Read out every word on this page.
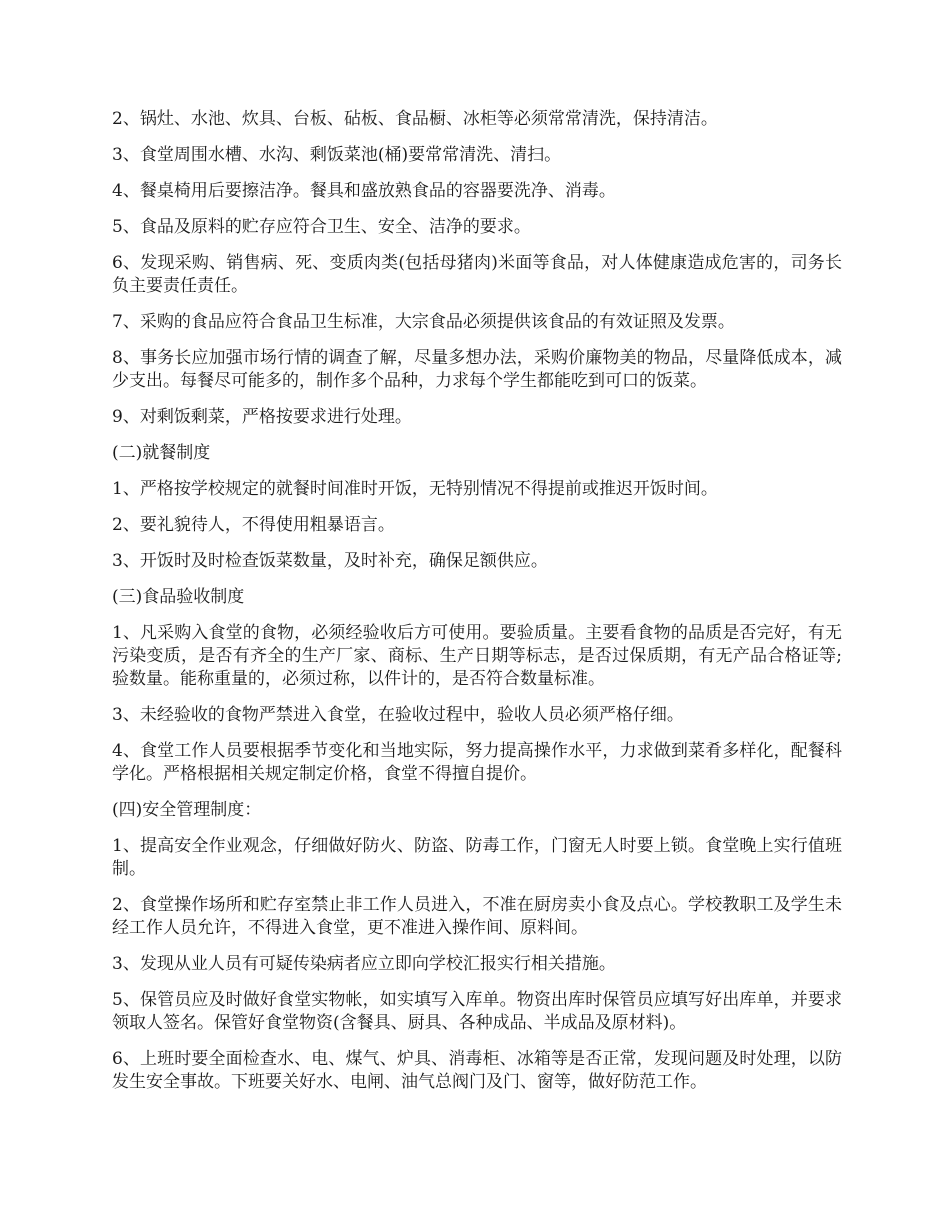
2、锅灶、水池、炊具、台板、砧板、食品橱、冰柜等必须常常清洗，保持清洁。

3、食堂周围水槽、水沟、剩饭菜池(桶)要常常清洗、清扫。

4、餐桌椅用后要擦洁净。餐具和盛放熟食品的容器要洗净、消毒。

5、食品及原料的贮存应符合卫生、安全、洁净的要求。

6、发现采购、销售病、死、变质肉类(包括母猪肉)米面等食品，对人体健康造成危害的，司务长负主要责任责任。

7、采购的食品应符合食品卫生标准，大宗食品必须提供该食品的有效证照及发票。

8、事务长应加强市场行情的调查了解，尽量多想办法，采购价廉物美的物品，尽量降低成本，减少支出。每餐尽可能多的，制作多个品种，力求每个学生都能吃到可口的饭菜。

9、对剩饭剩菜，严格按要求进行处理。

(二)就餐制度

1、严格按学校规定的就餐时间准时开饭，无特别情况不得提前或推迟开饭时间。

2、要礼貌待人，不得使用粗暴语言。

3、开饭时及时检查饭菜数量，及时补充，确保足额供应。

(三)食品验收制度

1、凡采购入食堂的食物，必须经验收后方可使用。要验质量。主要看食物的品质是否完好，有无污染变质，是否有齐全的生产厂家、商标、生产日期等标志，是否过保质期，有无产品合格证等;验数量。能称重量的，必须过称，以件计的，是否符合数量标准。

3、未经验收的食物严禁进入食堂，在验收过程中，验收人员必须严格仔细。

4、食堂工作人员要根据季节变化和当地实际，努力提高操作水平，力求做到菜肴多样化，配餐科学化。严格根据相关规定制定价格，食堂不得擅自提价。

(四)安全管理制度：

1、提高安全作业观念，仔细做好防火、防盗、防毒工作，门窗无人时要上锁。食堂晚上实行值班制。

2、食堂操作场所和贮存室禁止非工作人员进入，不准在厨房卖小食及点心。学校教职工及学生未经工作人员允许，不得进入食堂，更不准进入操作间、原料间。

3、发现从业人员有可疑传染病者应立即向学校汇报实行相关措施。

5、保管员应及时做好食堂实物帐，如实填写入库单。物资出库时保管员应填写好出库单，并要求领取人签名。保管好食堂物资(含餐具、厨具、各种成品、半成品及原材料)。

6、上班时要全面检查水、电、煤气、炉具、消毒柜、冰箱等是否正常，发现问题及时处理，以防发生安全事故。下班要关好水、电闸、油气总阀门及门、窗等，做好防范工作。
